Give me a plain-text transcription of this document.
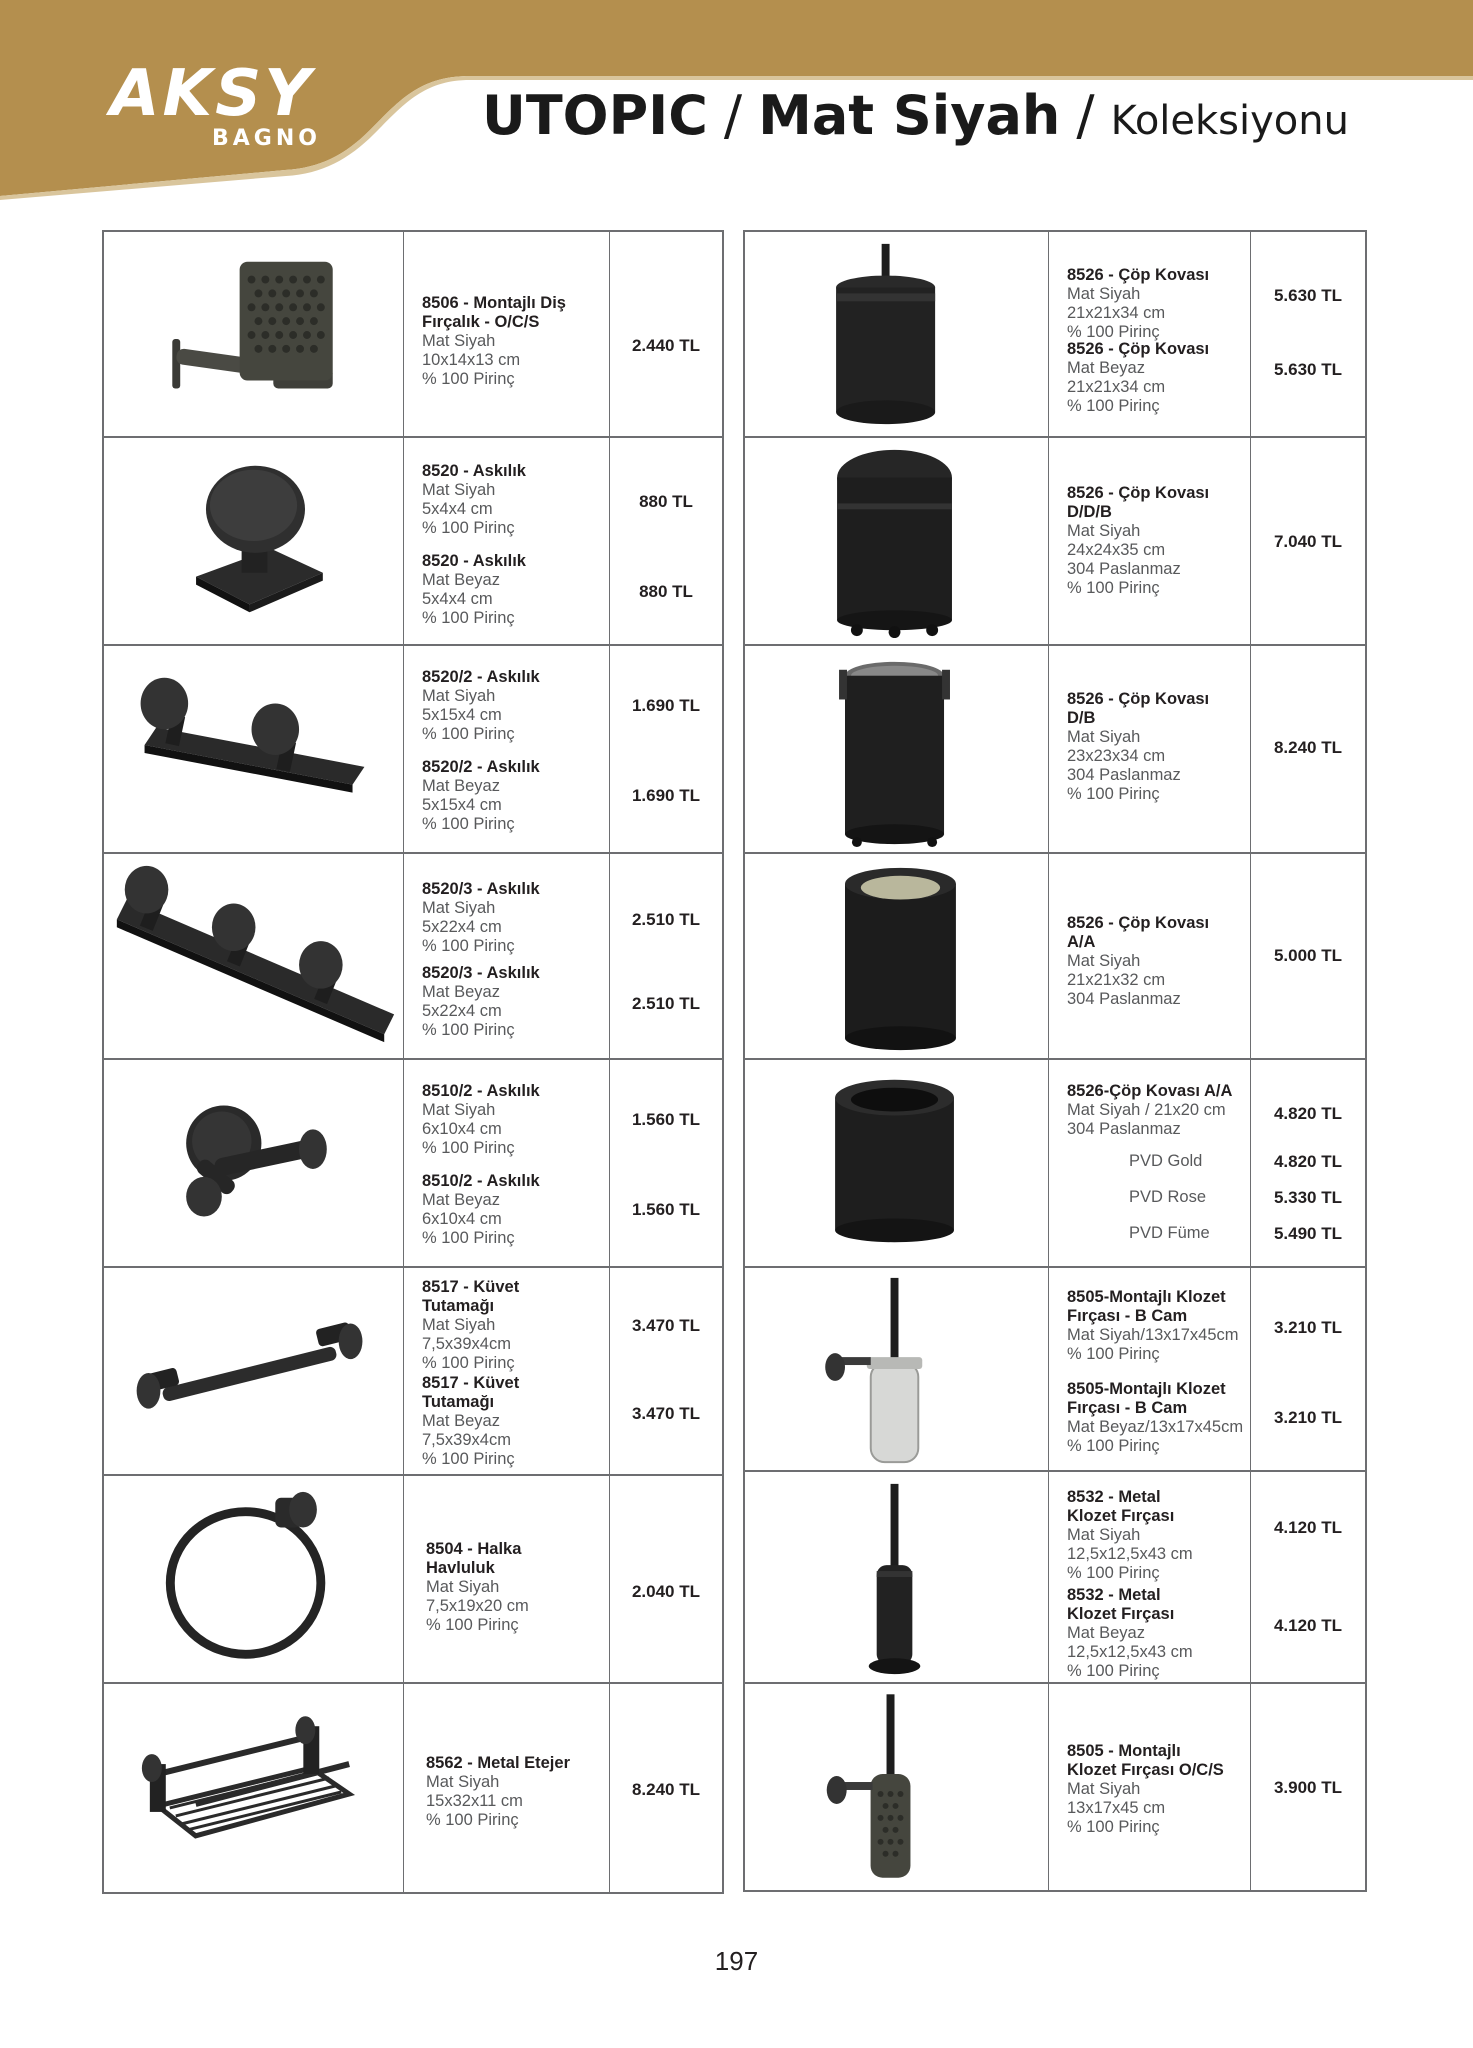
AKSY
BAGNO	UTOPIC / Mat Siyah / Koleksiyonu
8506 - Montajlı Diş
Fırçalık - O/C/S
Mat Siyah
10x14x13 cm
% 100 Pirinç
2.440 TL
8520 - Askılık
Mat Siyah
5x4x4 cm
% 100 Pirinç
8520 - Askılık
Mat Beyaz
5x4x4 cm
% 100 Pirinç
880 TL
880 TL
8520/2 - Askılık
Mat Siyah
5x15x4 cm
% 100 Pirinç
8520/2 - Askılık
Mat Beyaz
5x15x4 cm
% 100 Pirinç
1.690 TL
1.690 TL
8520/3 - Askılık
Mat Siyah
5x22x4 cm
% 100 Pirinç
8520/3 - Askılık
Mat Beyaz
5x22x4 cm
% 100 Pirinç
2.510 TL
2.510 TL
8510/2 - Askılık
Mat Siyah
6x10x4 cm
% 100 Pirinç
8510/2 - Askılık
Mat Beyaz
6x10x4 cm
% 100 Pirinç
1.560 TL
1.560 TL
8517 - Küvet
Tutamağı
Mat Siyah
7,5x39x4cm
% 100 Pirinç
8517 - Küvet
Tutamağı
Mat Beyaz
7,5x39x4cm
% 100 Pirinç
3.470 TL
3.470 TL
8504 - Halka
Havluluk
Mat Siyah
7,5x19x20 cm
% 100 Pirinç
2.040 TL
8562 - Metal Etejer
Mat Siyah
15x32x11 cm
% 100 Pirinç
8.240 TL
8526 - Çöp Kovası
Mat Siyah
21x21x34 cm
% 100 Pirinç
8526 - Çöp Kovası
Mat Beyaz
21x21x34 cm
% 100 Pirinç
5.630 TL
5.630 TL
8526 - Çöp Kovası
D/D/B
Mat Siyah
24x24x35 cm
304 Paslanmaz
% 100 Pirinç
7.040 TL
8526 - Çöp Kovası
D/B
Mat Siyah
23x23x34 cm
304 Paslanmaz
% 100 Pirinç
8.240 TL
8526 - Çöp Kovası
A/A
Mat Siyah
21x21x32 cm
304 Paslanmaz
5.000 TL
8526-Çöp Kovası A/A
Mat Siyah / 21x20 cm
304 Paslanmaz
PVD Gold
PVD Rose
PVD Füme
4.820 TL
4.820 TL
5.330 TL
5.490 TL
8505-Montajlı Klozet
Fırçası - B Cam
Mat Siyah/13x17x45cm
% 100 Pirinç
8505-Montajlı Klozet
Fırçası - B Cam
Mat Beyaz/13x17x45cm
% 100 Pirinç
3.210 TL
3.210 TL
8532 - Metal
Klozet Fırçası
Mat Siyah
12,5x12,5x43 cm
% 100 Pirinç
8532 - Metal
Klozet Fırçası
Mat Beyaz
12,5x12,5x43 cm
% 100 Pirinç
4.120 TL
4.120 TL
8505 - Montajlı
Klozet Fırçası O/C/S
Mat Siyah
13x17x45 cm
% 100 Pirinç
3.900 TL
197
